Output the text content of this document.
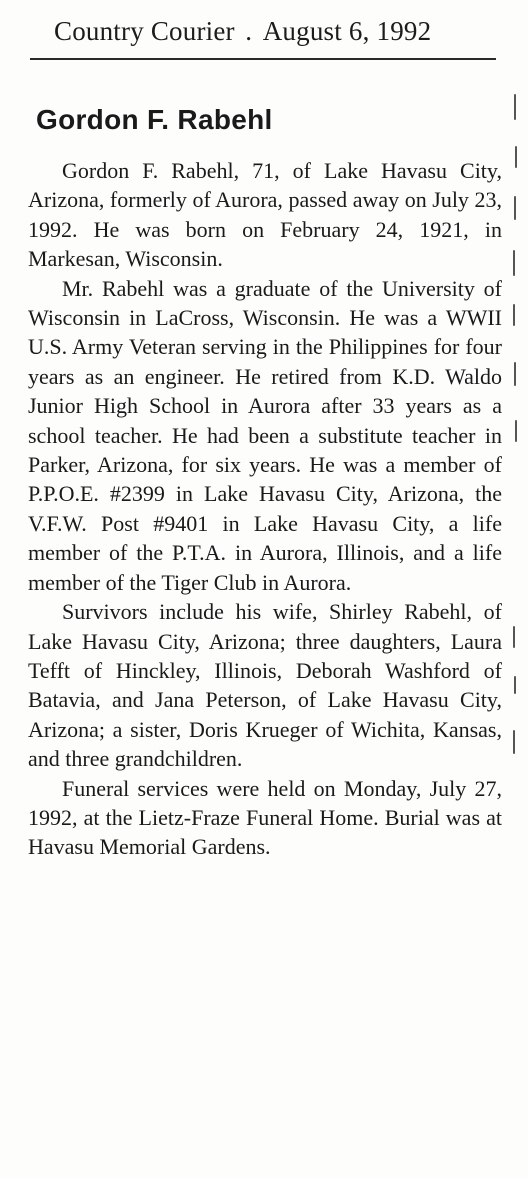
Country Courier . August 6, 1992
Gordon F. Rabehl

Gordon F. Rabehl, 71, of Lake Havasu City, Arizona, formerly of Aurora, passed away on July 23, 1992. He was born on February 24, 1921, in Markesan, Wisconsin.

Mr. Rabehl was a graduate of the University of Wisconsin in LaCross, Wisconsin. He was a WWII U.S. Army Veteran serving in the Philippines for four years as an engineer. He retired from K.D. Waldo Junior High School in Aurora after 33 years as a school teacher. He had been a substitute teacher in Parker, Arizona, for six years. He was a member of P.P.O.E. #2399 in Lake Havasu City, Arizona, the V.F.W. Post #9401 in Lake Havasu City, a life member of the P.T.A. in Aurora, Illinois, and a life member of the Tiger Club in Aurora.

Survivors include his wife, Shirley Rabehl, of Lake Havasu City, Arizona; three daughters, Laura Tefft of Hinckley, Illinois, Deborah Washford of Batavia, and Jana Peterson, of Lake Havasu City, Arizona; a sister, Doris Krueger of Wichita, Kansas, and three grandchildren.

Funeral services were held on Monday, July 27, 1992, at the Lietz-Fraze Funeral Home. Burial was at Havasu Memorial Gardens.
